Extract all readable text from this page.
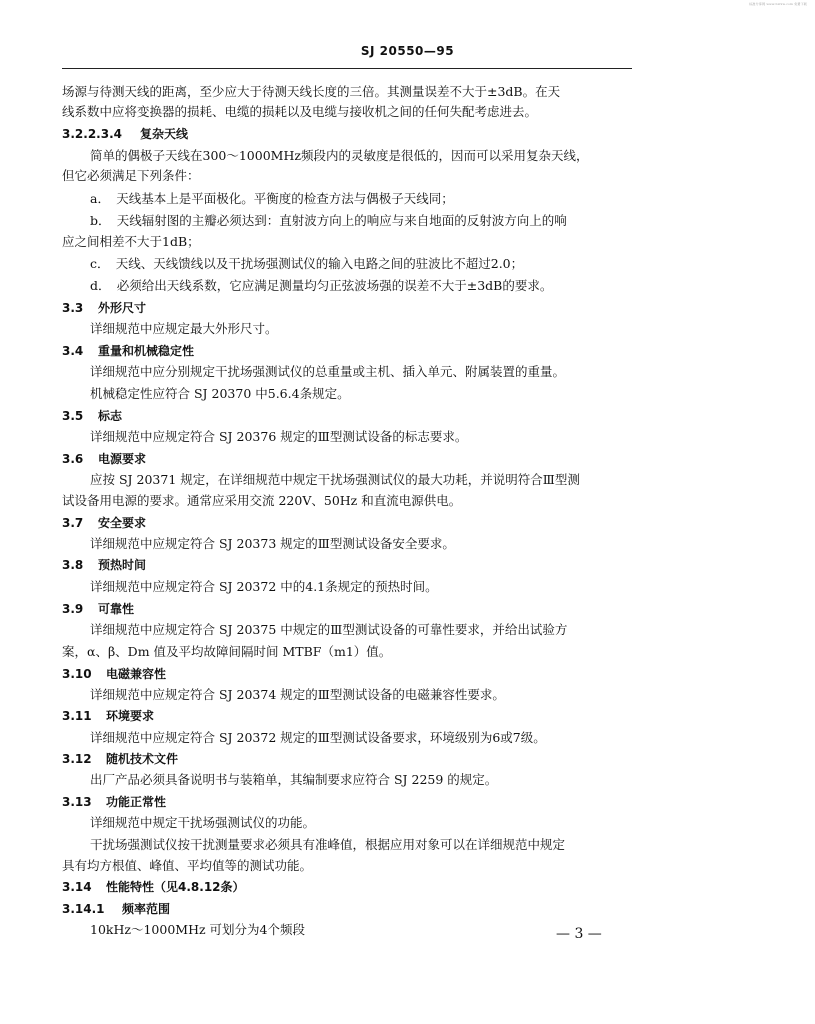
标准分享网 www.bzfxw.com 免费下载
SJ 20550—95
场源与待测天线的距离，至少应大于待测天线长度的三倍。其测量误差不大于±3dB。在天
线系数中应将变换器的损耗、电缆的损耗以及电缆与接收机之间的任何失配考虑进去。
3.2.2.3.4 复杂天线
简单的偶极子天线在300～1000MHz频段内的灵敏度是很低的，因而可以采用复杂天线，
但它必须满足下列条件：
a．　天线基本上是平面极化。平衡度的检查方法与偶极子天线同；
b．　天线辐射图的主瓣必须达到：直射波方向上的响应与来自地面的反射波方向上的响
应之间相差不大于1dB；
c．　天线、天线馈线以及干扰场强测试仪的输入电路之间的驻波比不超过2.0；
d．　必须给出天线系数，它应满足测量均匀正弦波场强的误差不大于±3dB的要求。
3.3 外形尺寸
详细规范中应规定最大外形尺寸。
3.4 重量和机械稳定性
详细规范中应分别规定干扰场强测试仪的总重量或主机、插入单元、附属装置的重量。
机械稳定性应符合 SJ 20370 中5.6.4条规定。
3.5 标志
详细规范中应规定符合 SJ 20376 规定的Ⅲ型测试设备的标志要求。
3.6 电源要求
应按 SJ 20371 规定，在详细规范中规定干扰场强测试仪的最大功耗，并说明符合Ⅲ型测
试设备用电源的要求。通常应采用交流 220V、50Hz 和直流电源供电。
3.7 安全要求
详细规范中应规定符合 SJ 20373 规定的Ⅲ型测试设备安全要求。
3.8 预热时间
详细规范中应规定符合 SJ 20372 中的4.1条规定的预热时间。
3.9 可靠性
详细规范中应规定符合 SJ 20375 中规定的Ⅲ型测试设备的可靠性要求，并给出试验方
案，α、β、Dm 值及平均故障间隔时间 MTBF（m1）值。
3.10 电磁兼容性
详细规范中应规定符合 SJ 20374 规定的Ⅲ型测试设备的电磁兼容性要求。
3.11 环境要求
详细规范中应规定符合 SJ 20372 规定的Ⅲ型测试设备要求，环境级别为6或7级。
3.12 随机技术文件
出厂产品必须具备说明书与装箱单，其编制要求应符合 SJ 2259 的规定。
3.13 功能正常性
详细规范中规定干扰场强测试仪的功能。
干扰场强测试仪按干扰测量要求必须具有准峰值，根据应用对象可以在详细规范中规定
具有均方根值、峰值、平均值等的测试功能。
3.14 性能特性（见4.8.12条）
3.14.1 频率范围
10kHz～1000MHz 可划分为4个频段	— 3 —
